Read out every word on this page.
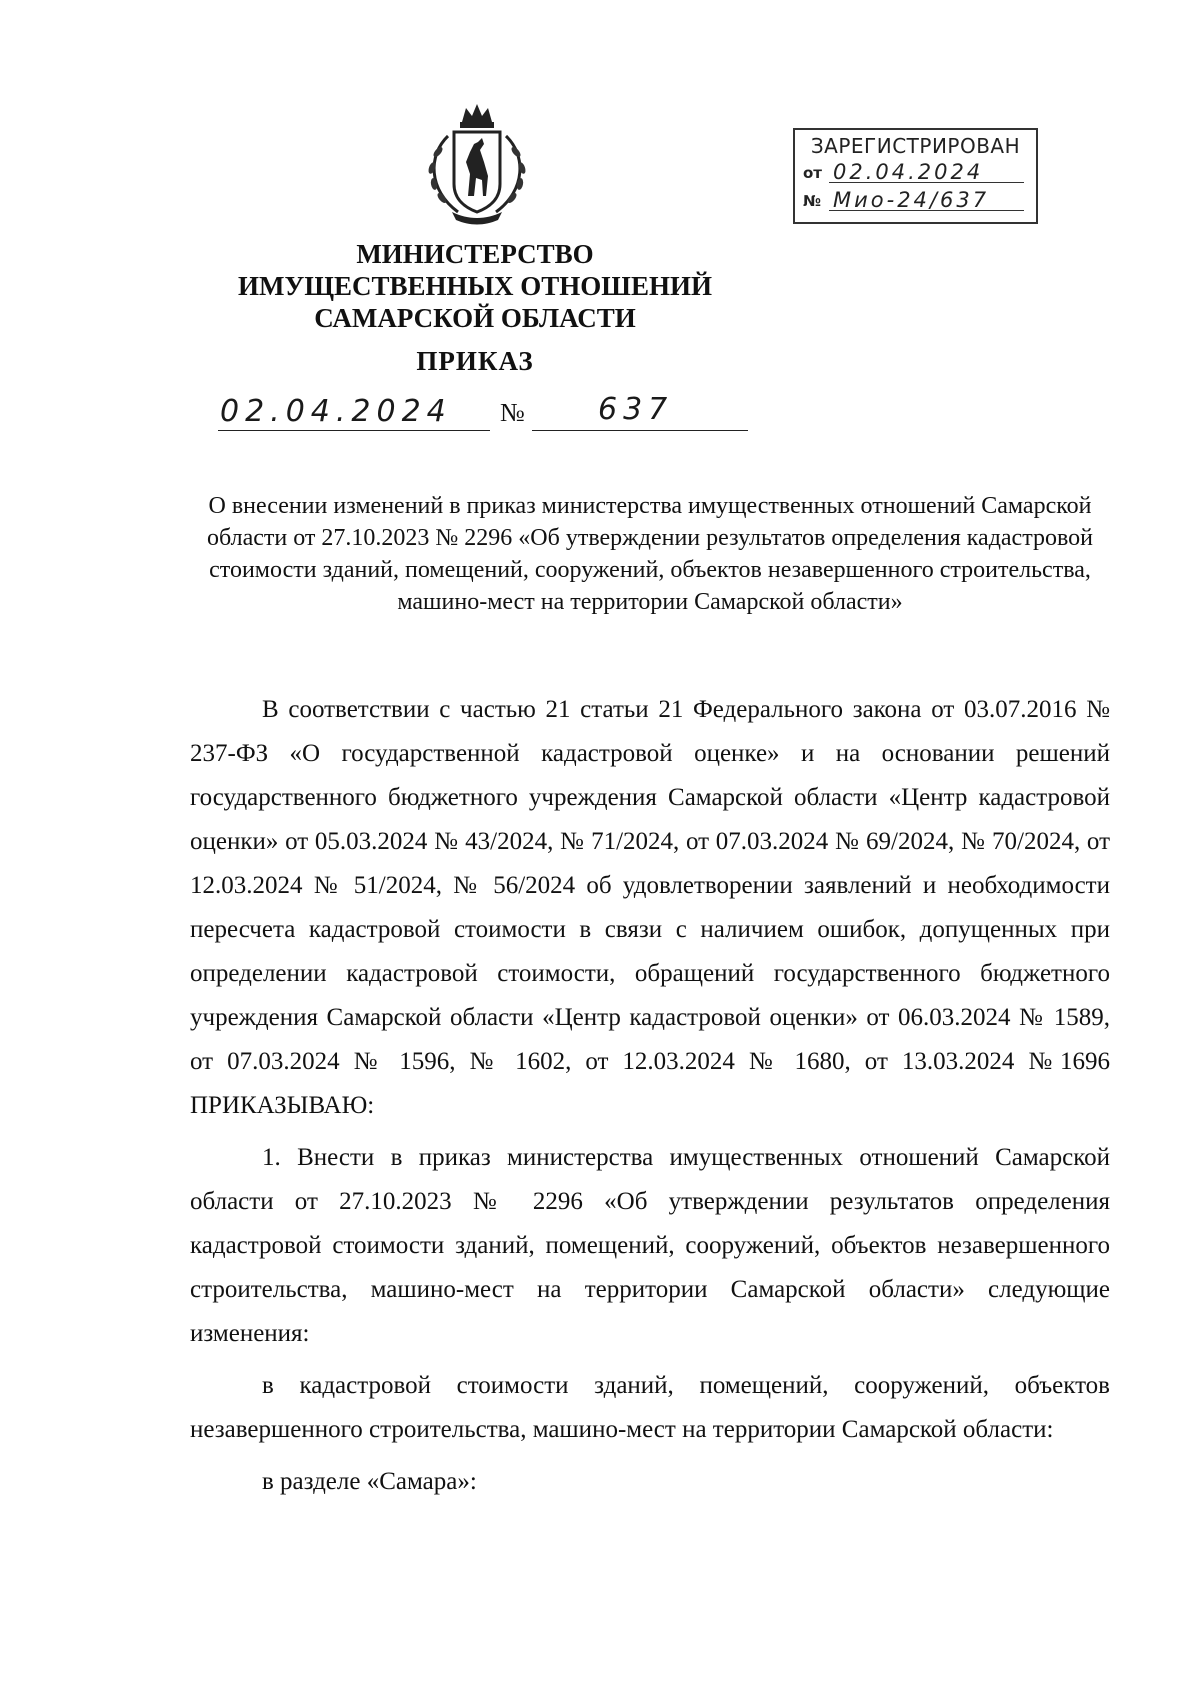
МИНИСТЕРСТВО
ИМУЩЕСТВЕННЫХ ОТНОШЕНИЙ
САМАРСКОЙ ОБЛАСТИ
ПРИКАЗ
02.04.2024 № 637
ЗАРЕГИСТРИРОВАН
от 02.04.2024
№ Мио-24/637
О внесении изменений в приказ министерства имущественных отношений Самарской области от 27.10.2023 № 2296 «Об утверждении результатов определения кадастровой стоимости зданий, помещений, сооружений, объектов незавершенного строительства, машино-мест на территории Самарской области»

В соответствии с частью 21 статьи 21 Федерального закона от 03.07.2016 № 237-ФЗ «О государственной кадастровой оценке» и на основании решений государственного бюджетного учреждения Самарской области «Центр кадастровой оценки» от 05.03.2024 № 43/2024, № 71/2024, от 07.03.2024 № 69/2024, № 70/2024, от 12.03.2024 № 51/2024, № 56/2024 об удовлетворении заявлений и необходимости пересчета кадастровой стоимости в связи с наличием ошибок, допущенных при определении кадастровой стоимости, обращений государственного бюджетного учреждения Самарской области «Центр кадастровой оценки» от 06.03.2024 № 1589, от 07.03.2024 № 1596, № 1602, от 12.03.2024 № 1680, от 13.03.2024 №1696 ПРИКАЗЫВАЮ:

1. Внести в приказ министерства имущественных отношений Самарской области от 27.10.2023 № 2296 «Об утверждении результатов определения кадастровой стоимости зданий, помещений, сооружений, объектов незавершенного строительства, машино-мест на территории Самарской области» следующие изменения:

в кадастровой стоимости зданий, помещений, сооружений, объектов незавершенного строительства, машино-мест на территории Самарской области:

в разделе «Самара»:
